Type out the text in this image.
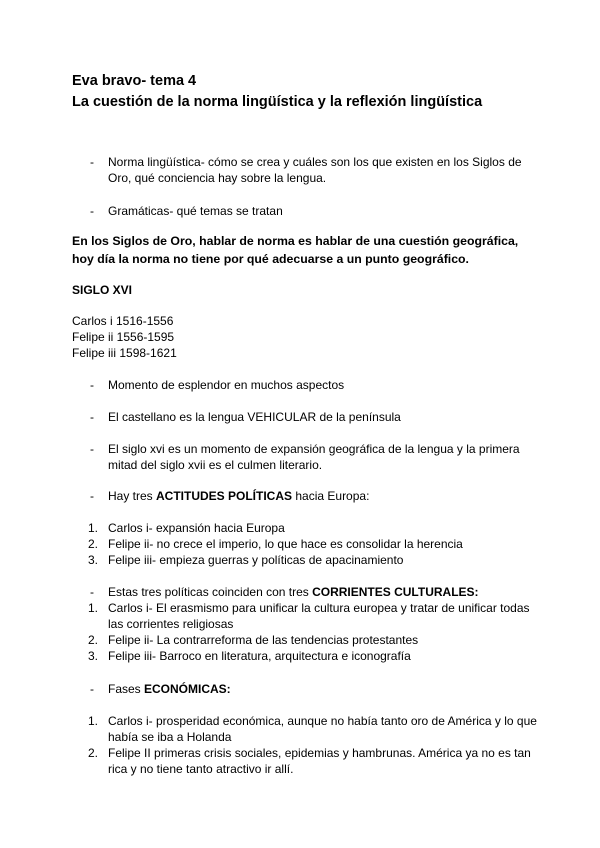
Eva bravo- tema 4
La cuestión de la norma lingüística y la reflexión lingüística
- Norma lingüística- cómo se crea y cuáles son los que existen en los Siglos de Oro, qué conciencia hay sobre la lengua.
- Gramáticas- qué temas se tratan
En los Siglos de Oro, hablar de norma es hablar de una cuestión geográfica, hoy día la norma no tiene por qué adecuarse a un punto geográfico.
SIGLO XVI
Carlos i 1516-1556
Felipe ii 1556-1595
Felipe iii 1598-1621
- Momento de esplendor en muchos aspectos
- El castellano es la lengua VEHICULAR de la península
- El siglo xvi es un momento de expansión geográfica de la lengua y la primera mitad del siglo xvii es el culmen literario.
- Hay tres ACTITUDES POLÍTICAS hacia Europa:
1. Carlos i- expansión hacia Europa
2. Felipe ii- no crece el imperio, lo que hace es consolidar la herencia
3. Felipe iii- empieza guerras y políticas de apacinamiento
- Estas tres políticas coinciden con tres CORRIENTES CULTURALES:
1. Carlos i- El erasmismo para unificar la cultura europea y tratar de unificar todas las corrientes religiosas
2. Felipe ii- La contrarreforma de las tendencias protestantes
3. Felipe iii- Barroco en literatura, arquitectura e iconografía
- Fases ECONÓMICAS:
1. Carlos i- prosperidad económica, aunque no había tanto oro de América y lo que había se iba a Holanda
2. Felipe II primeras crisis sociales, epidemias y hambrunas. América ya no es tan rica y no tiene tanto atractivo ir allí.
